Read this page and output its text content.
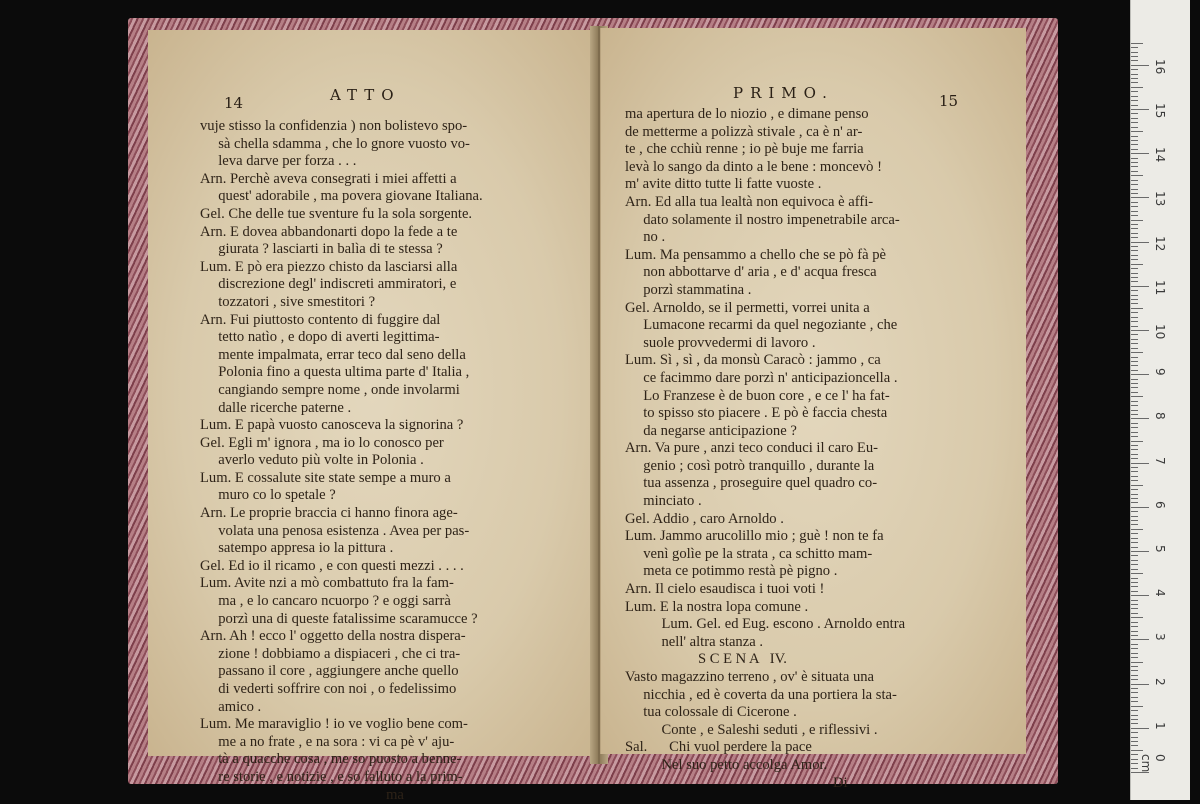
ATTO
14
vuje stisso la confidenzia ) non bolistevo spo-
sà chella sdamma , che lo gnore vuosto vo-
leva darve per forza . . .
Arn. Perchè aveva consegrati i miei affetti a
quest' adorabile , ma povera giovane Italiana.
Gel. Che delle tue sventure fu la sola sorgente.
Arn. E dovea abbandonarti dopo la fede a te
giurata ? lasciarti in balìa di te stessa ?
Lum. E pò era piezzo chisto da lasciarsi alla
discrezione degl' indiscreti ammiratori, e
tozzatori , sive smestitori ?
Arn. Fui piuttosto contento di fuggire dal
tetto natìo , e dopo di averti legittima-
mente impalmata, errar teco dal seno della
Polonia fino a questa ultima parte d' Italia ,
cangiando sempre nome , onde involarmi
dalle ricerche paterne .
Lum. E papà vuosto canosceva la signorina ?
Gel. Egli m' ignora , ma io lo conosco per
averlo veduto più volte in Polonia .
Lum. E cossalute site state sempe a muro a
muro co lo spetale ?
Arn. Le proprie braccia ci hanno finora age-
volata una penosa esistenza . Avea per pas-
satempo appresa io la pittura .
Gel. Ed io il ricamo , e con questi mezzi . . . .
Lum. Avite nzi a mò combattuto fra la fam-
ma , e lo cancaro ncuorpo ? e oggi sarrà
porzì una di queste fatalissime scaramucce ?
Arn. Ah ! ecco l' oggetto della nostra dispera-
zione ! dobbiamo a dispiaceri , che ci tra-
passano il core , aggiungere anche quello
di vederti soffrire con noi , o fedelissimo
amico .
Lum. Me maraviglio ! io ve voglio bene com-
me a no frate , e na sora : vi ca pè v' aju-
tà a quacche cosa , me so puosto a benne-
re storie , e notizie , e so falluto a la prim-
ma
PRIMO.	15
ma apertura de lo niozio , e dimane penso
de metterme a polizzà stivale , ca è n' ar-
te , che cchiù renne ; io pè buje me farria
levà lo sango da dinto a le bene : moncevò !
m' avite ditto tutte li fatte vuoste .
Arn. Ed alla tua lealtà non equivoca è affi-
dato solamente il nostro impenetrabile arca-
no .
Lum. Ma pensammo a chello che se pò fà pè
non abbottarve d' aria , e d' acqua fresca
porzì stammatina .
Gel. Arnoldo, se il permetti, vorrei unita a
Lumacone recarmi da quel negoziante , che
suole provvedermi di lavoro .
Lum. Sì , sì , da monsù Caracò : jammo , ca
ce facimmo dare porzì n' anticipazioncella .
Lo Franzese è de buon core , e ce l' ha fat-
to spisso sto piacere . E pò è faccia chesta
da negarse anticipazione ?
Arn. Va pure , anzi teco conduci il caro Eu-
genio ; così potrò tranquillo , durante la
tua assenza , proseguire quel quadro co-
minciato .
Gel. Addio , caro Arnoldo .
Lum. Jammo arucolillo mio ; guè ! non te fa
venì golìe pe la strata , ca schitto mam-
meta ce potimmo restà pè pigno .
Arn. Il cielo esaudisca i tuoi voti !
Lum. E la nostra lopa comune .
Lum. Gel. ed Eug. escono . Arnoldo entra
nell' altra stanza .
S C E N A   IV.
Vasto magazzino terreno , ov' è situata una
nicchia , ed è coverta da una portiera la sta-
tua colossale di Cicerone .
Conte , e Saleshi seduti , e riflessivi .
Sal.      Chi vuol perdere la pace
Nel suo petto accolga Amor.
Di
0 cm
1
2
3
4
5
6
7
8
9
10
11
12
13
14
15
16
